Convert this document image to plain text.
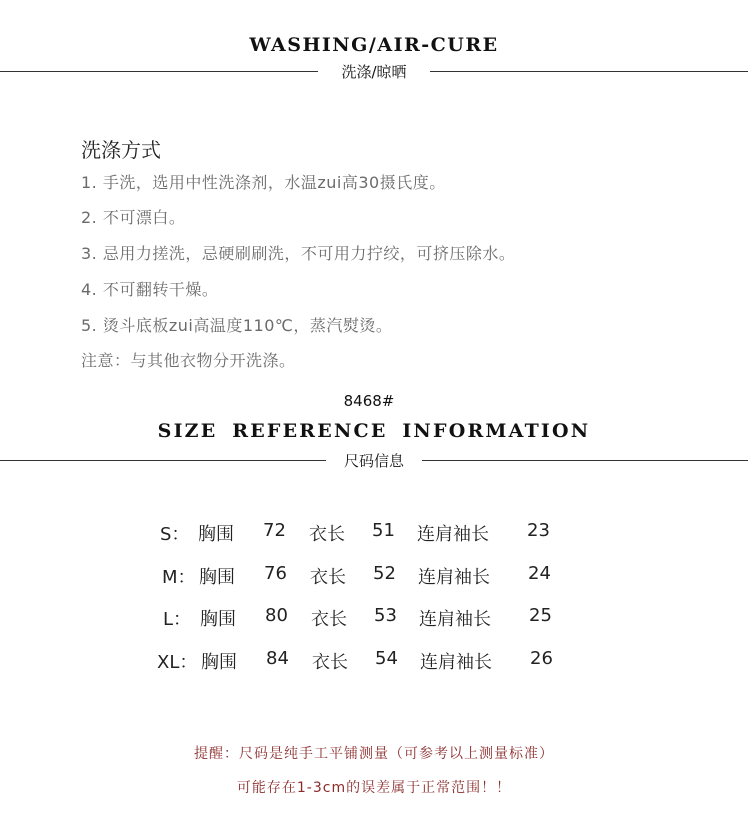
WASHING/AIR-CURE
洗涤/晾晒
洗涤方式
1. 手洗，选用中性洗涤剂，水温zui高30摄氏度。
2. 不可漂白。
3. 忌用力搓洗，忌硬刷刷洗，不可用力拧绞，可挤压除水。
4. 不可翻转干燥。
5. 烫斗底板zui高温度110℃，蒸汽熨烫。
注意：与其他衣物分开洗涤。
8468#
SIZE REFERENCE INFORMATION
尺码信息
S： 胸围 72 衣长 51 连肩袖长 23
M： 胸围 76 衣长 52 连肩袖长 24
L： 胸围 80 衣长 53 连肩袖长 25
XL： 胸围 84 衣长 54 连肩袖长 26
提醒：尺码是纯手工平铺测量（可参考以上测量标准）
可能存在1-3cm的误差属于正常范围！！
